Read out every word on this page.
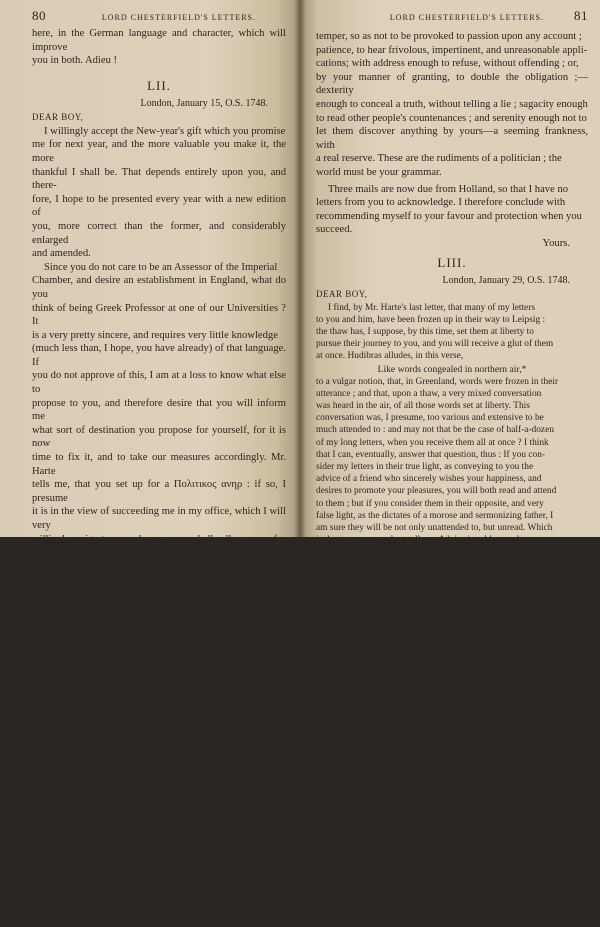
80	LORD CHESTERFIELD'S LETTERS.

here, in the German language and character, which will improve

you in both. Adieu !

LII.
London, January 15, O.S. 1748.
DEAR BOY,

I willingly accept the New-year's gift which you promise

me for next year, and the more valuable you make it, the more

thankful I shall be. That depends entirely upon you, and there-

fore, I hope to be presented every year with a new edition of

you, more correct than the former, and considerably enlarged

and amended.

Since you do not care to be an Assessor of the Imperial

Chamber, and desire an establishment in England, what do you

think of being Greek Professor at one of our Universities ? It

is a very pretty sincere, and requires very little knowledge

(much less than, I hope, you have already) of that language. If

you do not approve of this, I am at a loss to know what else to

propose to you, and therefore desire that you will inform me

what sort of destination you propose for yourself, for it is now

time to fix it, and to take our measures accordingly. Mr. Harte

tells me, that you set up for a Πολιτικος ανηρ : if so, I presume

it is in the view of succeeding me in my office, which I will very

willingly resign to you whenever you shall call upon me for it.

But, if you intend to be the Πολιτικος, or the Βουληφορος ανηρ,

there are some trifling circumstances upon which you should

previously take your resolution: the first of which is, to be fit

for it; and then, in order to be so, make yourself master of

ancient and modern history, and languages. To know perfectly

the constitution and form of government of every nation, the

growth and the decline of ancient and modern empires, and to

trace out and reflect upon the causes of both ;—to know the

strength, the riches, and the commerce of every country ;—these

little things, trifling as they may seem, are yet very necessary for

a politician to know, and which therefore, I presume, you will

condescend to apply yourself to.

There are some additional qualifications necessary, in the

practical part of business, which may deserve some consideration

in your leisure moments—such as, an absolute command of your

LORD CHESTERFIELD'S LETTERS. 81

temper, so as not to be provoked to passion upon any account ;

patience, to hear frivolous, impertinent, and unreasonable appli-

cations; with address enough to refuse, without offending ; or,

by your manner of granting, to double the obligation ;—dexterity

enough to conceal a truth, without telling a lie ; sagacity enough

to read other people's countenances ; and serenity enough not to

let them discover anything by yours—a seeming frankness, with

a real reserve. These are the rudiments of a politician ; the

world must be your grammar.

Three mails are now due from Holland, so that I have no

letters from you to acknowledge. I therefore conclude with

recommending myself to your favour and protection when you

succeed.

Yours.

LIII.
London, January 29, O.S. 1748.
DEAR BOY,

I find, by Mr. Harte's last letter, that many of my letters

to you and him, have been frozen up in their way to Leipsig :

the thaw has, I suppose, by this time, set them at liberty to

pursue their journey to you, and you will receive a glut of them

at once. Hudibras alludes, in this verse,

Like words congealed in northern air,*

to a vulgar notion, that, in Greenland, words were frozen in their

utterance ; and that, upon a thaw, a very mixed conversation

was heard in the air, of all those words set at liberty. This

conversation was, I presume, too various and extensive to be

much attended to : and may not that be the case of half-a-dozen

of my long letters, when you receive them all at once ? I think

that I can, eventually, answer that question, thus : If you con-

sider my letters in their true light, as conveying to you the

advice of a friend who sincerely wishes your happiness, and

desires to promote your pleasures, you will both read and attend

to them ; but if you consider them in their opposite, and very

false light, as the dictates of a morose and sermonizing father, I

am sure they will be not only unattended to, but unread. Which

is the case, you can best tell me. Advice is seldom welcome ;

and those who want it the most, always like it the least. I hope

VOL. I.	* Hudibras, Canto i. 148.	6
